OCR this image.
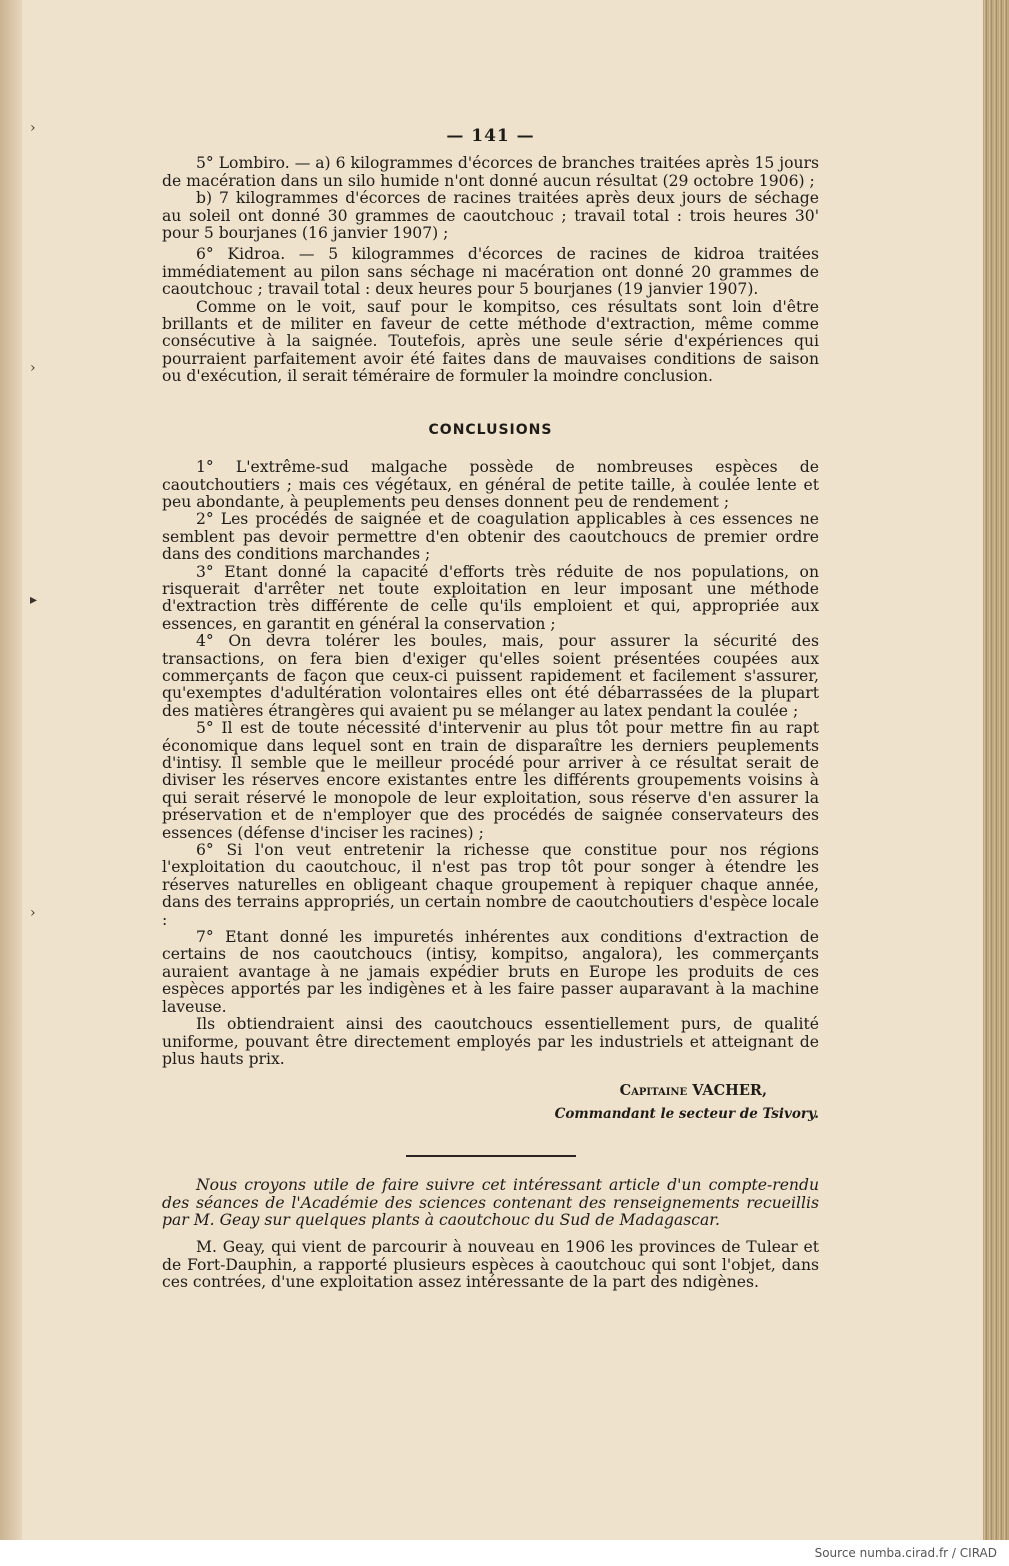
›
›
▸
›
— 141 —

5° Lombiro. — a) 6 kilogrammes d'écorces de branches traitées après 15 jours de macération dans un silo humide n'ont donné aucun résultat (29 octobre 1906) ;

b) 7 kilogrammes d'écorces de racines traitées après deux jours de séchage au soleil ont donné 30 grammes de caoutchouc ; travail total : trois heures 30' pour 5 bourjanes (16 janvier 1907) ;

6° Kidroa. — 5 kilogrammes d'écorces de racines de kidroa traitées immédiatement au pilon sans séchage ni macération ont donné 20 grammes de caoutchouc ; travail total : deux heures pour 5 bourjanes (19 janvier 1907).

Comme on le voit, sauf pour le kompitso, ces résultats sont loin d'être brillants et de militer en faveur de cette méthode d'extraction, même comme consécutive à la saignée. Toutefois, après une seule série d'expériences qui pourraient parfaitement avoir été faites dans de mauvaises conditions de saison ou d'exécution, il serait téméraire de formuler la moindre conclusion.

CONCLUSIONS

1° L'extrême-sud malgache possède de nombreuses espèces de caoutchoutiers ; mais ces végétaux, en général de petite taille, à coulée lente et peu abondante, à peuplements peu denses donnent peu de rendement ;

2° Les procédés de saignée et de coagulation applicables à ces essences ne semblent pas devoir permettre d'en obtenir des caoutchoucs de premier ordre dans des conditions marchandes ;

3° Etant donné la capacité d'efforts très réduite de nos populations, on risquerait d'arrêter net toute exploitation en leur imposant une méthode d'extraction très différente de celle qu'ils emploient et qui, appropriée aux essences, en garantit en général la conservation ;

4° On devra tolérer les boules, mais, pour assurer la sécurité des transactions, on fera bien d'exiger qu'elles soient présentées coupées aux commerçants de façon que ceux-ci puissent rapidement et facilement s'assurer, qu'exemptes d'adultération volontaires elles ont été débarrassées de la plupart des matières étrangères qui avaient pu se mélanger au latex pendant la coulée ;

5° Il est de toute nécessité d'intervenir au plus tôt pour mettre fin au rapt économique dans lequel sont en train de disparaître les derniers peuplements d'intisy. Il semble que le meilleur procédé pour arriver à ce résultat serait de diviser les réserves encore existantes entre les différents groupements voisins à qui serait réservé le monopole de leur exploitation, sous réserve d'en assurer la préservation et de n'employer que des procédés de saignée conservateurs des essences (défense d'inciser les racines) ;

6° Si l'on veut entretenir la richesse que constitue pour nos régions l'exploitation du caoutchouc, il n'est pas trop tôt pour songer à étendre les réserves naturelles en obligeant chaque groupement à repiquer chaque année, dans des terrains appropriés, un certain nombre de caoutchoutiers d'espèce locale :

7° Etant donné les impuretés inhérentes aux conditions d'extraction de certains de nos caoutchoucs (intisy, kompitso, angalora), les commerçants auraient avantage à ne jamais expédier bruts en Europe les produits de ces espèces apportés par les indigènes et à les faire passer auparavant à la machine laveuse.

Ils obtiendraient ainsi des caoutchoucs essentiellement purs, de qualité uniforme, pouvant être directement employés par les industriels et atteignant de plus hauts prix.

Capitaine VACHER,
Commandant le secteur de Tsivory.

Nous croyons utile de faire suivre cet intéressant article d'un compte-rendu des séances de l'Académie des sciences contenant des renseignements recueillis par M. Geay sur quelques plants à caoutchouc du Sud de Madagascar.

M. Geay, qui vient de parcourir à nouveau en 1906 les provinces de Tulear et de Fort-Dauphin, a rapporté plusieurs espèces à caoutchouc qui sont l'objet, dans ces contrées, d'une exploitation assez intéressante de la part des ndigènes.

Source numba.cirad.fr / CIRAD
